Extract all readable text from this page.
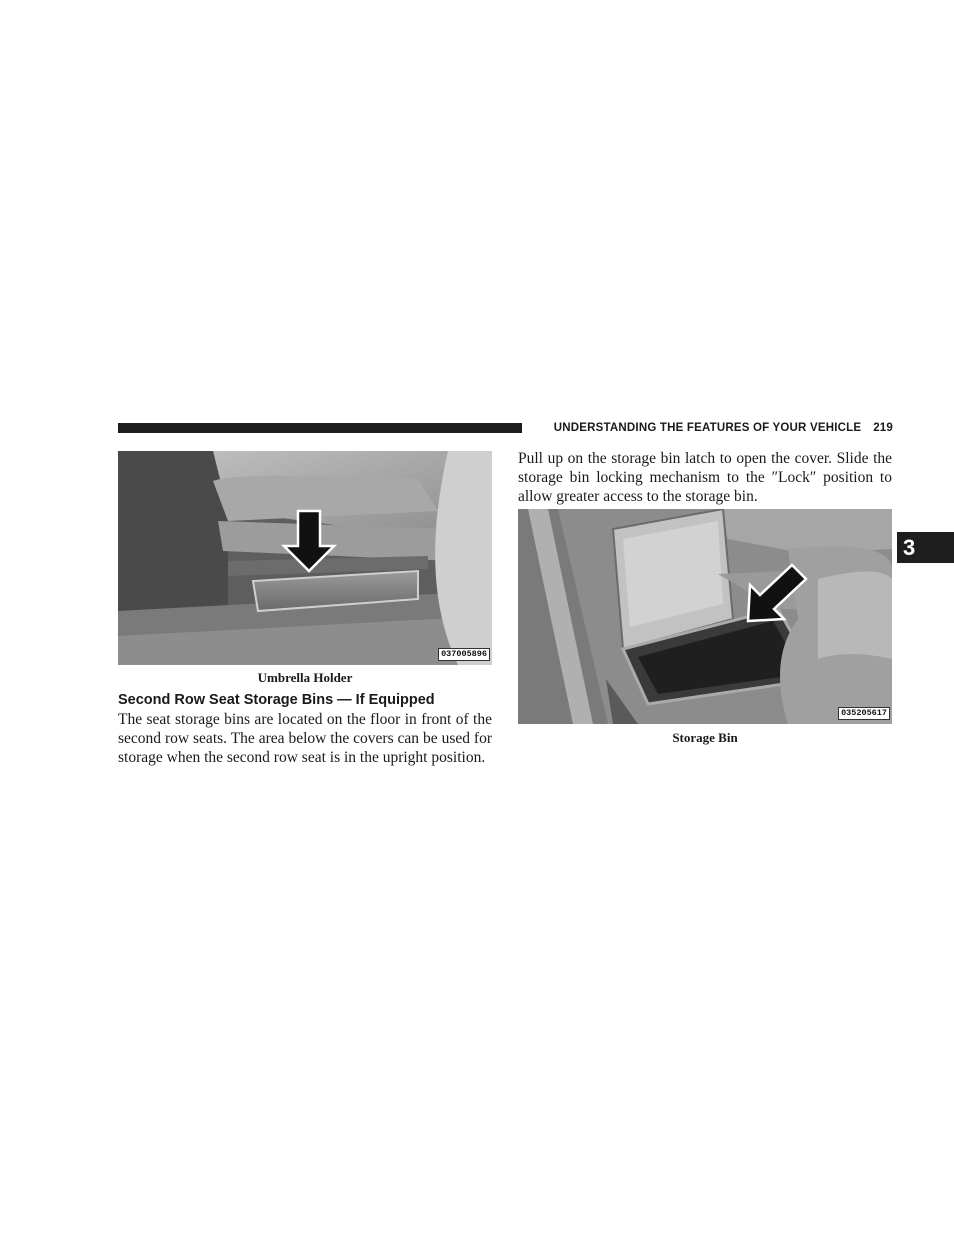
UNDERSTANDING THE FEATURES OF YOUR VEHICLE 219
3
037005896
Umbrella Holder
Second Row Seat Storage Bins — If Equipped

The seat storage bins are located on the floor in front of the second row seats. The area below the covers can be used for storage when the second row seat is in the upright position.

Pull up on the storage bin latch to open the cover. Slide the storage bin locking mechanism to the ″Lock″ position to allow greater access to the storage bin.

035205617
Storage Bin
